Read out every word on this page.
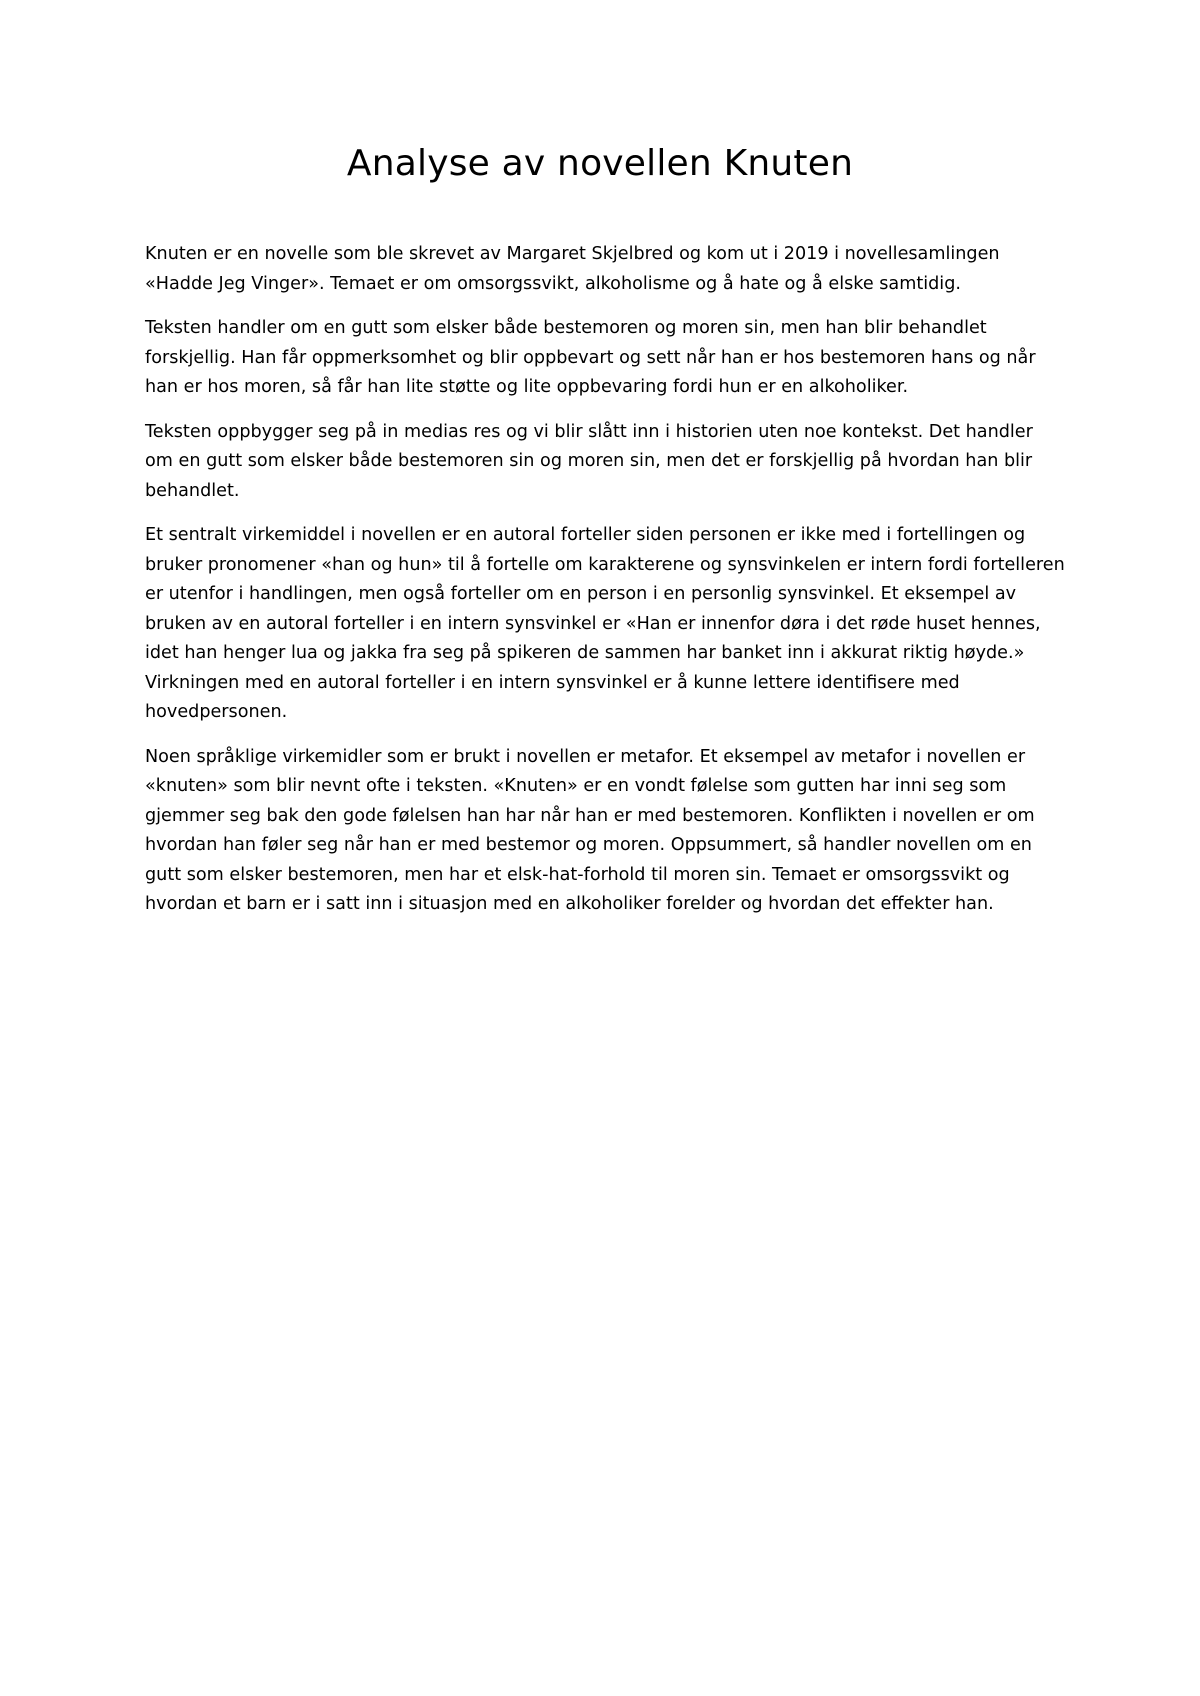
Analyse av novellen Knuten

Knuten er en novelle som ble skrevet av Margaret Skjelbred og kom ut i 2019 i novellesamlingen «Hadde Jeg Vinger». Temaet er om omsorgssvikt, alkoholisme og å hate og å elske samtidig.

Teksten handler om en gutt som elsker både bestemoren og moren sin, men han blir behandlet forskjellig. Han får oppmerksomhet og blir oppbevart og sett når han er hos bestemoren hans og når han er hos moren, så får han lite støtte og lite oppbevaring fordi hun er en alkoholiker.

Teksten oppbygger seg på in medias res og vi blir slått inn i historien uten noe kontekst. Det handler om en gutt som elsker både bestemoren sin og moren sin, men det er forskjellig på hvordan han blir behandlet.

Et sentralt virkemiddel i novellen er en autoral forteller siden personen er ikke med i fortellingen og bruker pronomener «han og hun» til å fortelle om karakterene og synsvinkelen er intern fordi fortelleren er utenfor i handlingen, men også forteller om en person i en personlig synsvinkel. Et eksempel av bruken av en autoral forteller i en intern synsvinkel er «Han er innenfor døra i det røde huset hennes, idet han henger lua og jakka fra seg på spikeren de sammen har banket inn i akkurat riktig høyde.» Virkningen med en autoral forteller i en intern synsvinkel er å kunne lettere identifisere med hovedpersonen.

Noen språklige virkemidler som er brukt i novellen er metafor. Et eksempel av metafor i novellen er «knuten» som blir nevnt ofte i teksten. «Knuten» er en vondt følelse som gutten har inni seg som gjemmer seg bak den gode følelsen han har når han er med bestemoren. Konflikten i novellen er om hvordan han føler seg når han er med bestemor og moren. Oppsummert, så handler novellen om en gutt som elsker bestemoren, men har et elsk-hat-forhold til moren sin. Temaet er omsorgssvikt og hvordan et barn er i satt inn i situasjon med en alkoholiker forelder og hvordan det effekter han.
